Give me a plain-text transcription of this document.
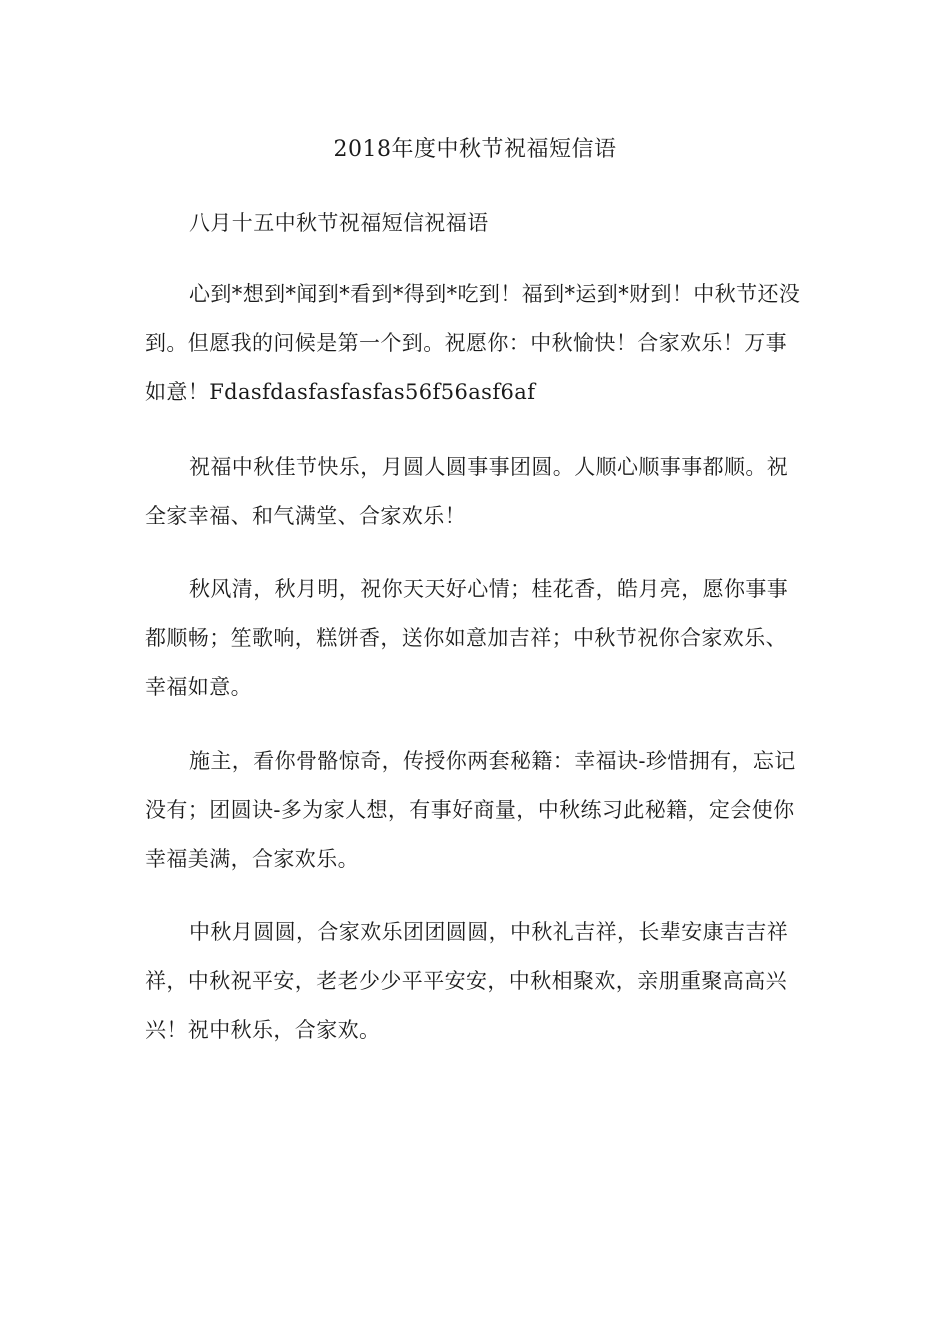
2018年度中秋节祝福短信语

八月十五中秋节祝福短信祝福语

心到*想到*闻到*看到*得到*吃到！福到*运到*财到！中秋节还没到。但愿我的问候是第一个到。祝愿你：中秋愉快！合家欢乐！万事如意！Fdasfdasfasfasfas56f56asf6af

祝福中秋佳节快乐，月圆人圆事事团圆。人顺心顺事事都顺。祝全家幸福、和气满堂、合家欢乐！

秋风清，秋月明，祝你天天好心情；桂花香，皓月亮，愿你事事都顺畅；笙歌响，糕饼香，送你如意加吉祥；中秋节祝你合家欢乐、幸福如意。

施主，看你骨骼惊奇，传授你两套秘籍：幸福诀-珍惜拥有，忘记没有；团圆诀-多为家人想，有事好商量，中秋练习此秘籍，定会使你幸福美满，合家欢乐。

中秋月圆圆，合家欢乐团团圆圆，中秋礼吉祥，长辈安康吉吉祥祥，中秋祝平安，老老少少平平安安，中秋相聚欢，亲朋重聚高高兴兴！祝中秋乐，合家欢。
